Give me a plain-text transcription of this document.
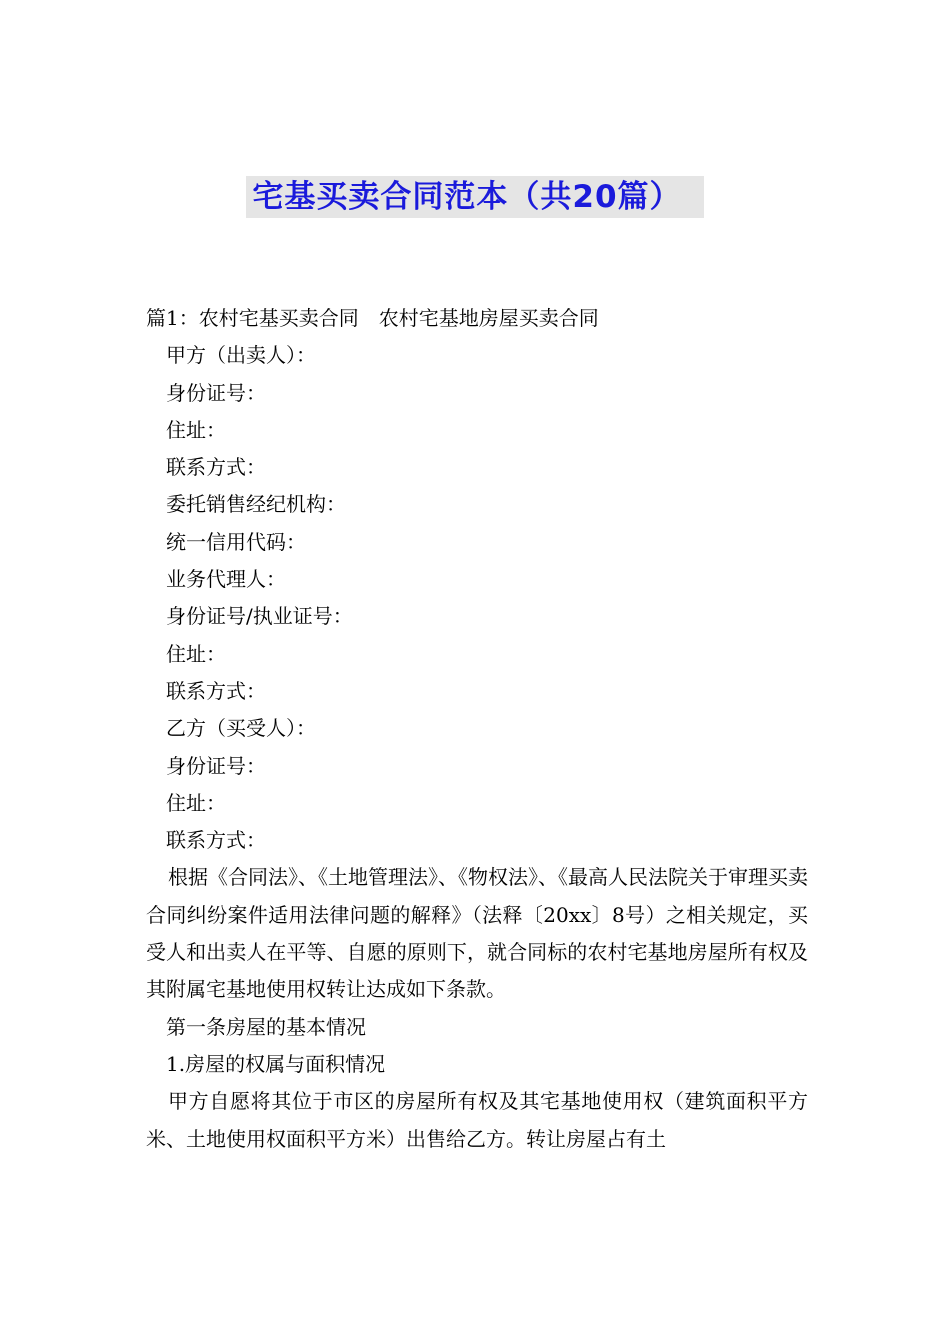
宅基买卖合同范本（共20篇）

篇1：农村宅基买卖合同　农村宅基地房屋买卖合同

甲方（出卖人）：

身份证号：

住址：

联系方式：

委托销售经纪机构：

统一信用代码：

业务代理人：

身份证号/执业证号：

住址：

联系方式：

乙方（买受人）：

身份证号：

住址：

联系方式：

根据《合同法》、《土地管理法》、《物权法》、《最高人民法院关于审理买卖合同纠纷案件适用法律问题的解释》（法释〔20xx〕8号）之相关规定，买受人和出卖人在平等、自愿的原则下，就合同标的农村宅基地房屋所有权及其附属宅基地使用权转让达成如下条款。

第一条房屋的基本情况

1.房屋的权属与面积情况

甲方自愿将其位于市区的房屋所有权及其宅基地使用权（建筑面积平方米、土地使用权面积平方米）出售给乙方。转让房屋占有土
